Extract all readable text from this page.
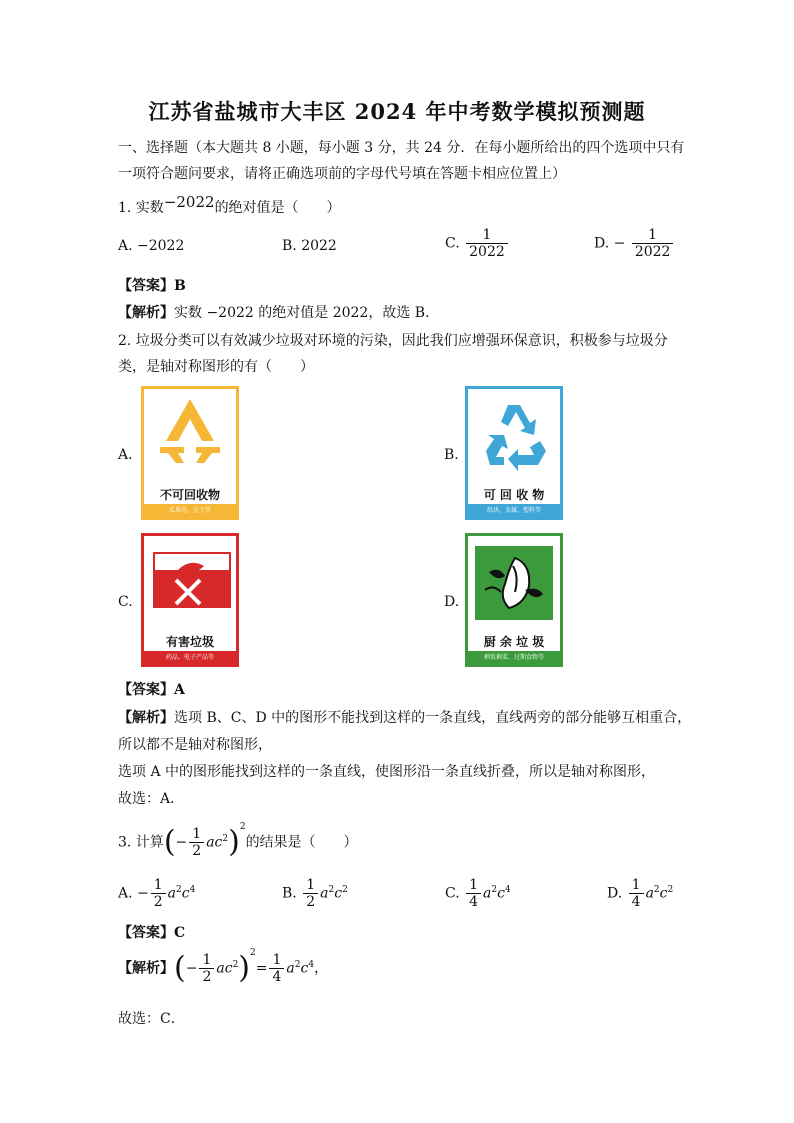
江苏省盐城市大丰区 2024 年中考数学模拟预测题
一、选择题（本大题共 8 小题，每小题 3 分，共 24 分．在每小题所给出的四个选项中只有
一项符合题问要求，请将正确选项前的字母代号填在答题卡相应位置上）
1. 实数−2022的绝对值是（　　）
A. −2022	B. 2022	C. $\frac{1}{2022}$	D. − $\frac{1}{2022}$
【答案】B
【解析】实数 −2022 的绝对值是 2022，故选 B．
2. 垃圾分类可以有效减少垃圾对环境的污染，因此我们应增强环保意识，积极参与垃圾分
类，是轴对称图形的有（　　）
A.
不可回收物
瓜果壳、尘土等
B.
可 回 收 物
纸块、金属、塑料等
C.
有害垃圾
药品、电子产品等
D.
厨 余 垃 圾
剩饭剩菜、过期食物等
【答案】A
【解析】选项 B、C、D 中的图形不能找到这样的一条直线，直线两旁的部分能够互相重合，
所以都不是轴对称图形，
选项 A 中的图形能找到这样的一条直线，使图形沿一条直线折叠，所以是轴对称图形，
故选：A．
3. 计算(− $\frac{1}{2} ac^2)^2$的结果是（　　）
A. − $\frac{1}{2} a^2c^4$	B. $\frac{1}{2} a^2c^2$	C. $\frac{1}{4} a^2c^4$	D. $\frac{1}{4} a^2c^2$
【答案】C
【解析】(− $\frac{1}{2} ac^2)^2= \frac{1}{4} a^2c^4$，
故选：C．
